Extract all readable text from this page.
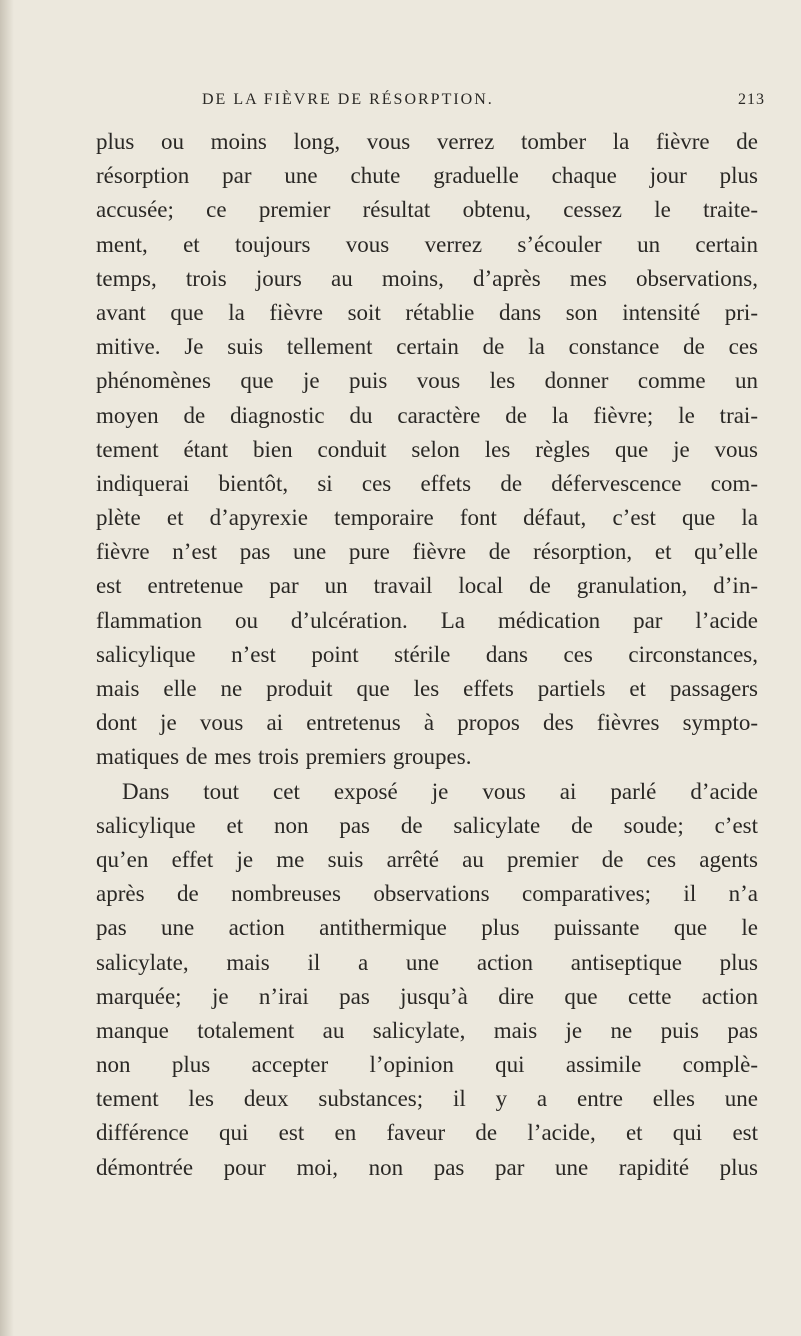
DE LA FIÈVRE DE RÉSORPTION.	213
plus ou moins long, vous verrez tomber la fièvre de
résorption par une chute graduelle chaque jour plus
accusée; ce premier résultat obtenu, cessez le traite-
ment, et toujours vous verrez s’écouler un certain
temps, trois jours au moins, d’après mes observations,
avant que la fièvre soit rétablie dans son intensité pri-
mitive. Je suis tellement certain de la constance de ces
phénomènes que je puis vous les donner comme un
moyen de diagnostic du caractère de la fièvre; le trai-
tement étant bien conduit selon les règles que je vous
indiquerai bientôt, si ces effets de défervescence com-
plète et d’apyrexie temporaire font défaut, c’est que la
fièvre n’est pas une pure fièvre de résorption, et qu’elle
est entretenue par un travail local de granulation, d’in-
flammation ou d’ulcération. La médication par l’acide
salicylique n’est point stérile dans ces circonstances,
mais elle ne produit que les effets partiels et passagers
dont je vous ai entretenus à propos des fièvres sympto-
matiques de mes trois premiers groupes.
Dans tout cet exposé je vous ai parlé d’acide
salicylique et non pas de salicylate de soude; c’est
qu’en effet je me suis arrêté au premier de ces agents
après de nombreuses observations comparatives; il n’a
pas une action antithermique plus puissante que le
salicylate, mais il a une action antiseptique plus
marquée; je n’irai pas jusqu’à dire que cette action
manque totalement au salicylate, mais je ne puis pas
non plus accepter l’opinion qui assimile complè-
tement les deux substances; il y a entre elles une
différence qui est en faveur de l’acide, et qui est
démontrée pour moi, non pas par une rapidité plus
